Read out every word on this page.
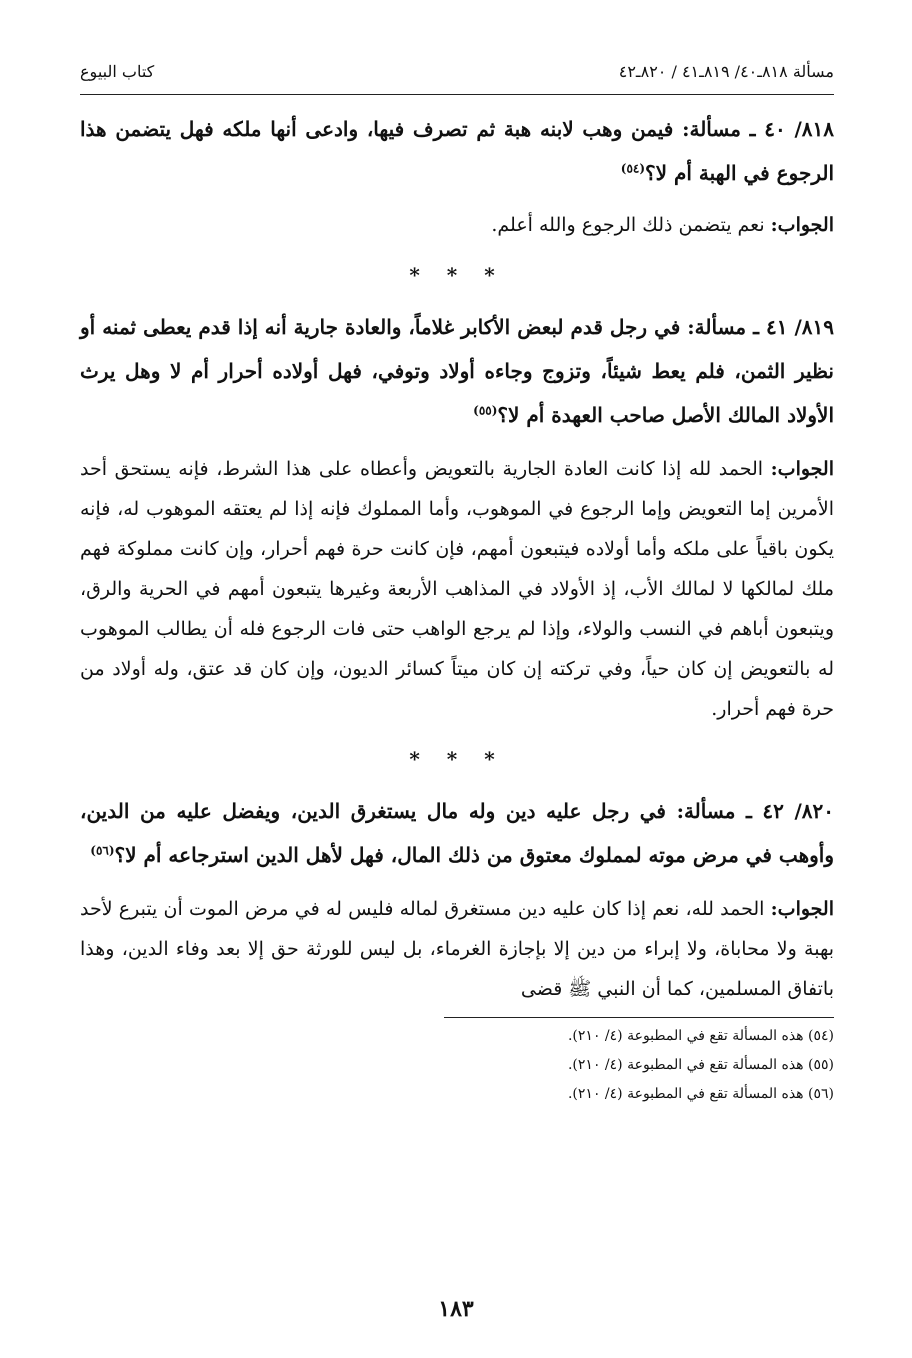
مسألة ٨١٨ـ٤٠/ ٨١٩ـ٤١ / ٨٢٠ـ٤٢
كتاب البيوع

٨١٨/ ٤٠ ـ مسألة: فيمن وهب لابنه هبة ثم تصرف فيها، وادعى أنها ملكه فهل يتضمن هذا الرجوع في الهبة أم لا؟$^{(٥٤)}$

الجواب: نعم يتضمن ذلك الرجوع والله أعلم.

* * *

٨١٩/ ٤١ ـ مسألة: في رجل قدم لبعض الأكابر غلاماً، والعادة جارية أنه إذا قدم يعطى ثمنه أو نظير الثمن، فلم يعط شيئاً، وتزوج وجاءه أولاد وتوفي، فهل أولاده أحرار أم لا وهل يرث الأولاد المالك الأصل صاحب العهدة أم لا؟$^{(٥٥)}$

الجواب: الحمد لله إذا كانت العادة الجارية بالتعويض وأعطاه على هذا الشرط، فإنه يستحق أحد الأمرين إما التعويض وإما الرجوع في الموهوب، وأما المملوك فإنه إذا لم يعتقه الموهوب له، فإنه يكون باقياً على ملكه وأما أولاده فيتبعون أمهم، فإن كانت حرة فهم أحرار، وإن كانت مملوكة فهم ملك لمالكها لا لمالك الأب، إذ الأولاد في المذاهب الأربعة وغيرها يتبعون أمهم في الحرية والرق، ويتبعون أباهم في النسب والولاء، وإذا لم يرجع الواهب حتى فات الرجوع فله أن يطالب الموهوب له بالتعويض إن كان حياً، وفي تركته إن كان ميتاً كسائر الديون، وإن كان قد عتق، وله أولاد من حرة فهم أحرار.

* * *

٨٢٠/ ٤٢ ـ مسألة: في رجل عليه دين وله مال يستغرق الدين، ويفضل عليه من الدين، وأوهب في مرض موته لمملوك معتوق من ذلك المال، فهل لأهل الدين استرجاعه أم لا؟$^{(٥٦)}$

الجواب: الحمد لله، نعم إذا كان عليه دين مستغرق لماله فليس له في مرض الموت أن يتبرع لأحد بهبة ولا محاباة، ولا إبراء من دين إلا بإجازة الغرماء، بل ليس للورثة حق إلا بعد وفاء الدين، وهذا باتفاق المسلمين، كما أن النبي ﷺ قضى

(٥٤) هذه المسألة تقع في المطبوعة (٤/ ٢١٠).

(٥٥) هذه المسألة تقع في المطبوعة (٤/ ٢١٠).

(٥٦) هذه المسألة تقع في المطبوعة (٤/ ٢١٠).

١٨٣
